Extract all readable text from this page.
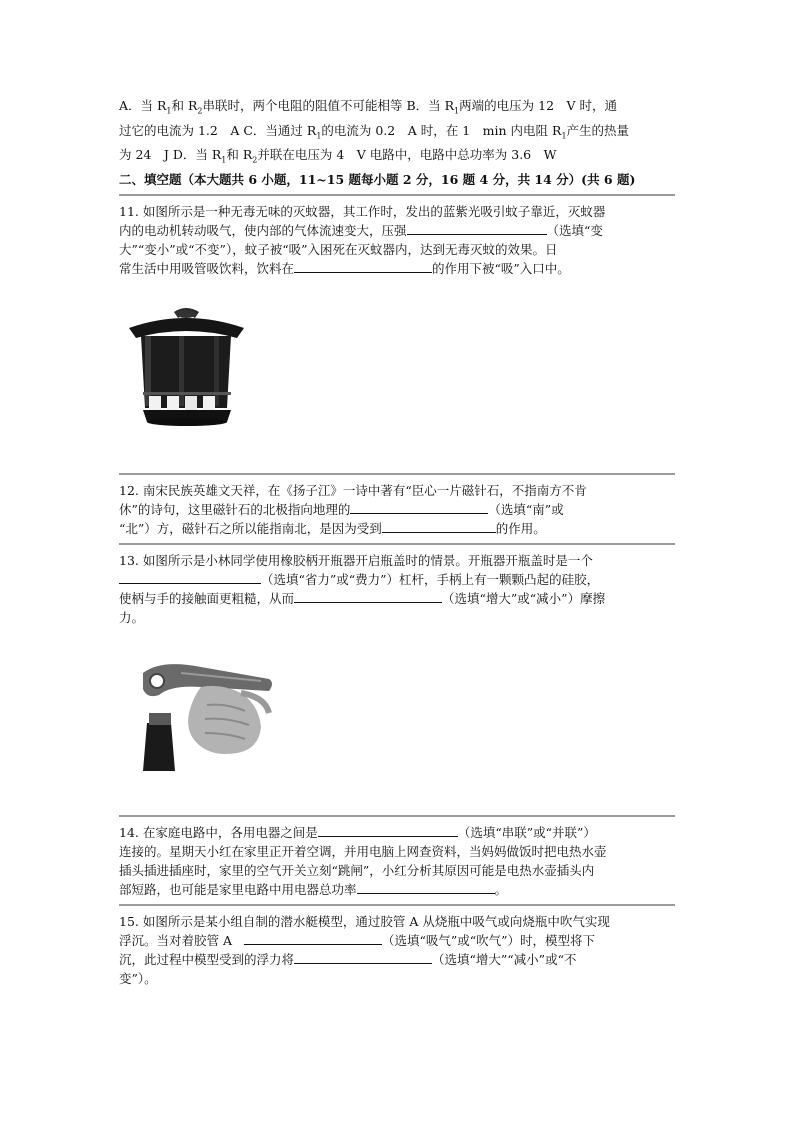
A．当 $R_1$和 $R_2$串联时，两个电阻的阻值不可能相等 B．当 $R_1$两端的电压为 12　V 时，通
过它的电流为 1.2　A C．当通过 $R_1$的电流为 0.2　A 时，在 1　min 内电阻 $R_1$产生的热量
为 24　J D．当 $R_1$和 $R_2$并联在电压为 4　V 电路中，电路中总功率为 3.6　W

二、填空题（本大题共 6 小题，11~15 题每小题 2 分，16 题 4 分，共 14 分）(共 6 题)

11. 如图所示是一种无毒无味的灭蚊器，其工作时，发出的蓝紫光吸引蚊子靠近，灭蚊器
内的电动机转动吸气，使内部的气体流速变大，压强	（选填“变
大”“变小”或“不变”），蚊子被“吸”入困死在灭蚊器内，达到无毒灭蚊的效果。日
常生活中用吸管吸饮料，饮料在	的作用下被“吸”入口中。

12. 南宋民族英雄文天祥，在《扬子江》一诗中著有“臣心一片磁针石，不指南方不肯
休”的诗句，这里磁针石的北极指向地理的	（选填“南”或
“北”）方，磁针石之所以能指南北，是因为受到	的作用。

13. 如图所示是小林同学使用橡胶柄开瓶器开启瓶盖时的情景。开瓶器开瓶盖时是一个
（选填“省力”或“费力”）杠杆，手柄上有一颗颗凸起的硅胶，
使柄与手的接触面更粗糙，从而	（选填“增大”或“减小”）摩擦
力。

14. 在家庭电路中，各用电器之间是	（选填“串联”或“并联”）
连接的。星期天小红在家里正开着空调，并用电脑上网查资料，当妈妈做饭时把电热水壶
插头插进插座时，家里的空气开关立刻“跳闸”，小红分析其原因可能是电热水壶插头内
部短路，也可能是家里电路中用电器总功率	。

15. 如图所示是某小组自制的潜水艇模型，通过胶管 A 从烧瓶中吸气或向烧瓶中吹气实现
浮沉。当对着胶管 A	（选填“吸气”或“吹气”）时，模型将下
沉，此过程中模型受到的浮力将	（选填“增大”“减小”或“不
变”）。
